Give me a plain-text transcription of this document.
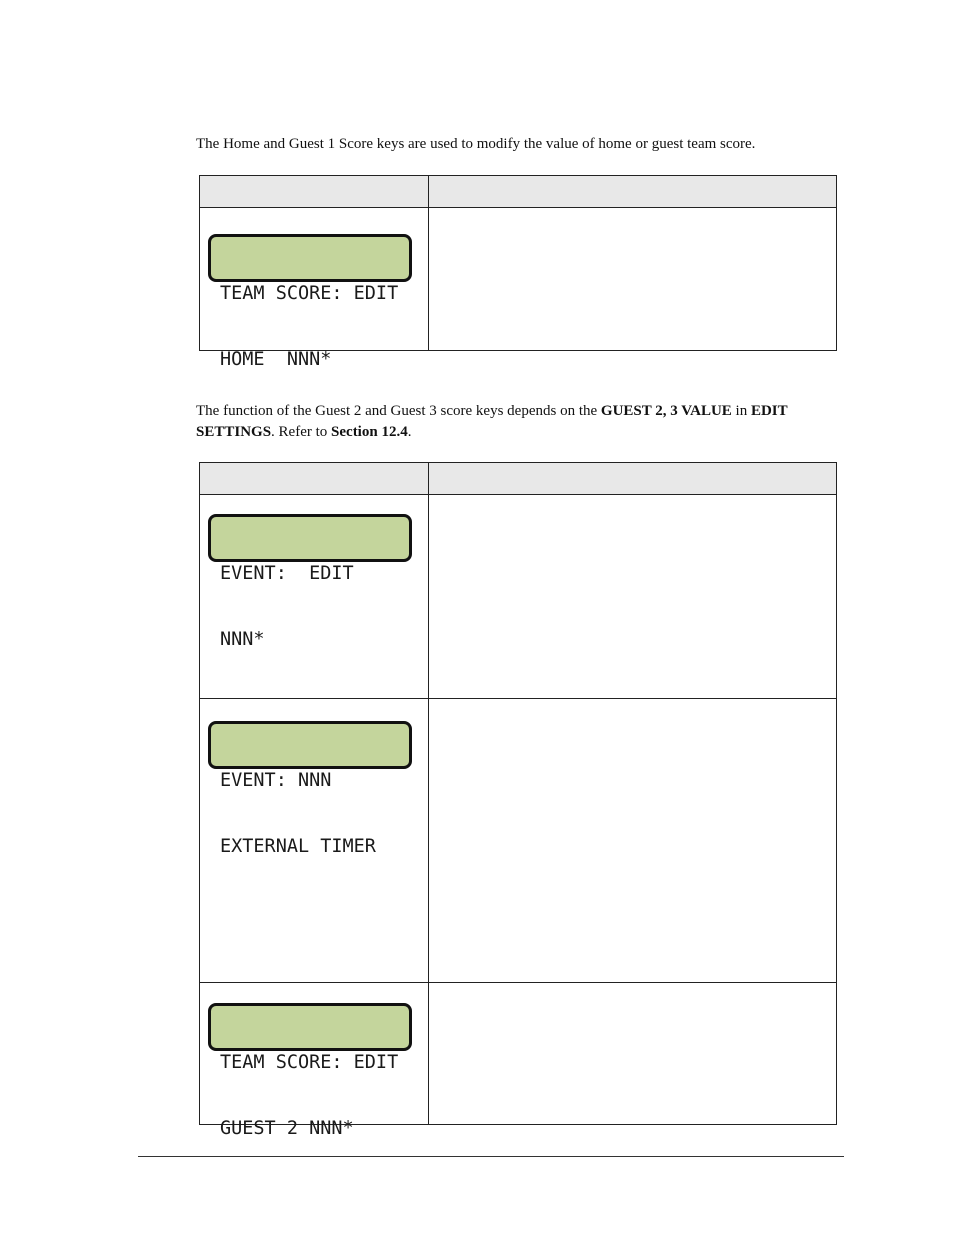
The Home and Guest 1 Score keys are used to modify the value of home or guest team score.

TEAM SCORE: EDIT

HOME  NNN*	

The function of the Guest 2 and Guest 3 score keys depends on the GUEST 2, 3 VALUE in EDIT SETTINGS. Refer to Section 12.4.

EVENT:  EDIT

NNN*	

EVENT: NNN

EXTERNAL TIMER	

TEAM SCORE: EDIT

GUEST 2 NNN*	
